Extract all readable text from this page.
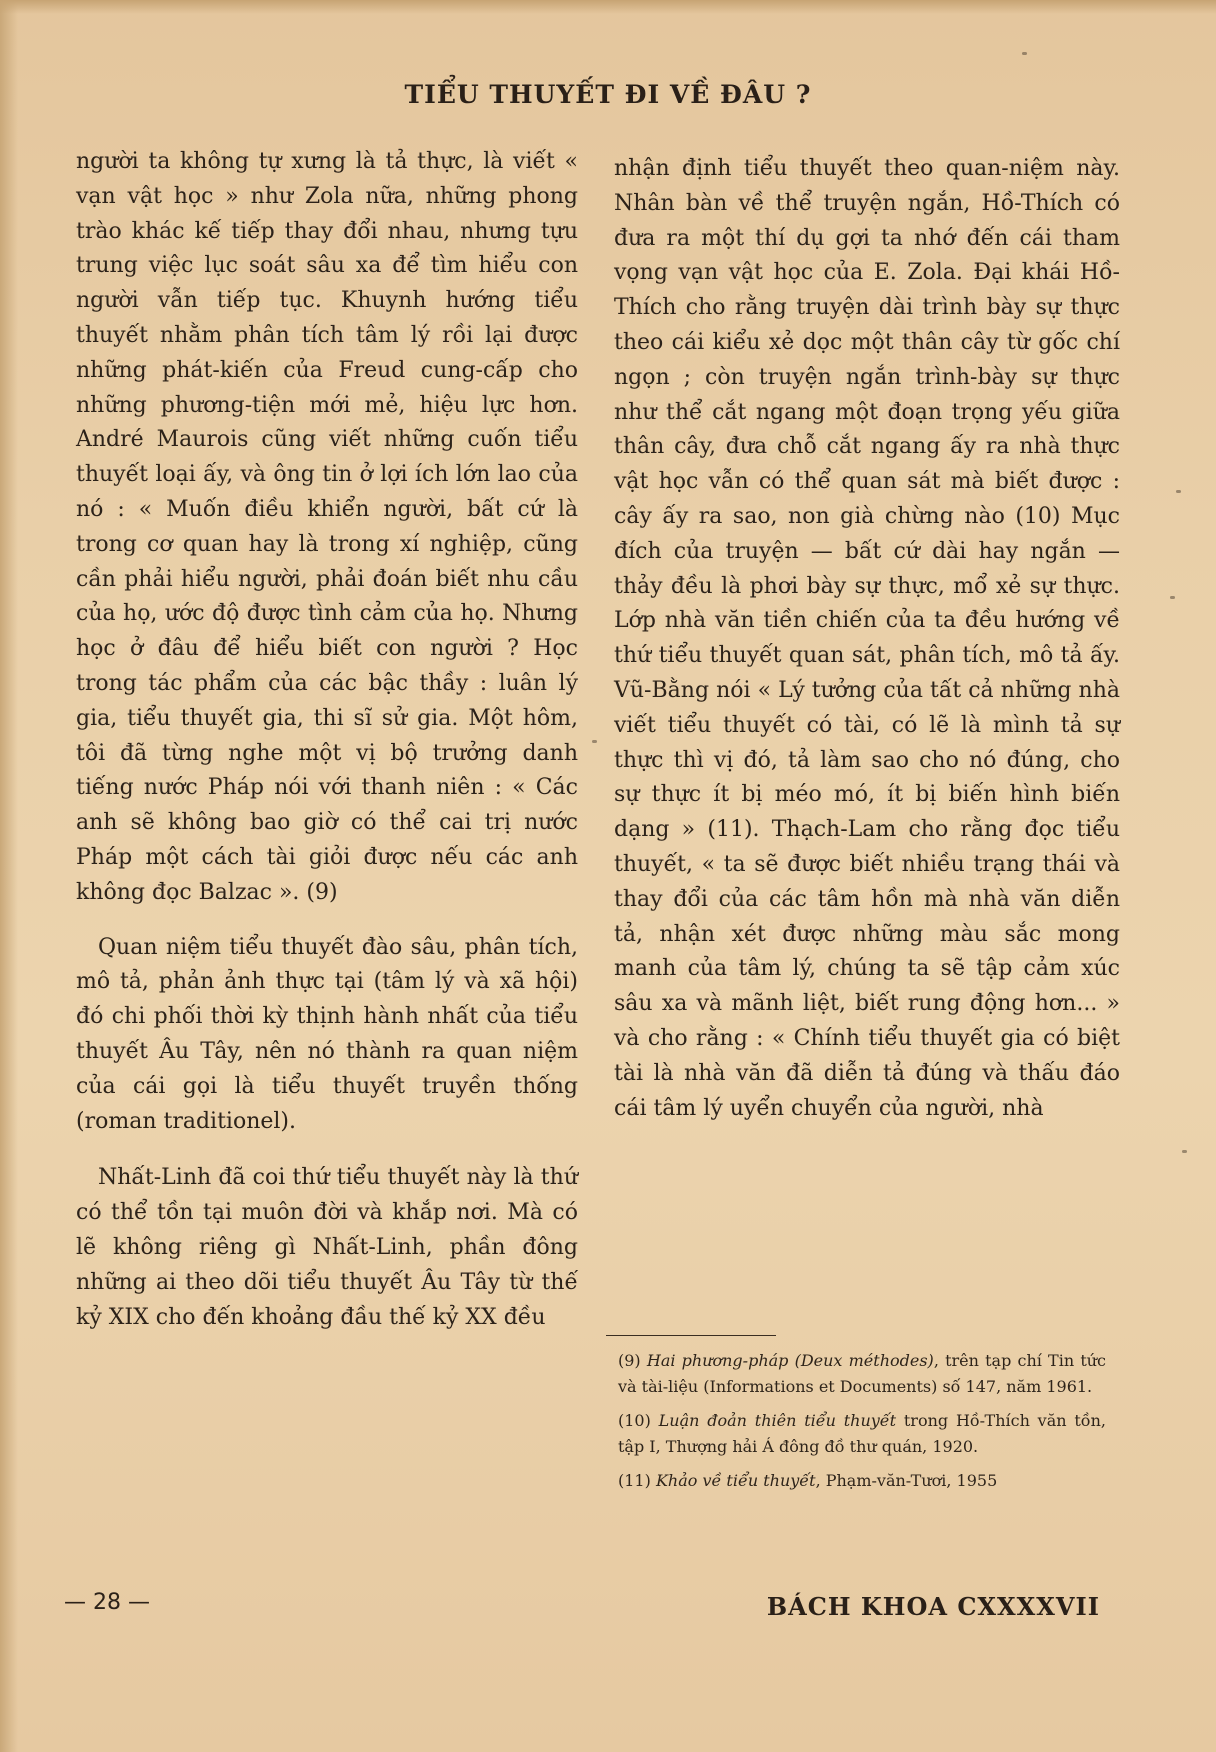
TIỂU THUYẾT ĐI VỀ ĐÂU ?

người ta không tự xưng là tả thực, là viết « vạn vật học » như Zola nữa, những phong trào khác kế tiếp thay đổi nhau, nhưng tựu trung việc lục soát sâu xa để tìm hiểu con người vẫn tiếp tục. Khuynh hướng tiểu thuyết nhằm phân tích tâm lý rồi lại được những phát-kiến của Freud cung-cấp cho những phương-tiện mới mẻ, hiệu lực hơn. André Maurois cũng viết những cuốn tiểu thuyết loại ấy, và ông tin ở lợi ích lớn lao của nó : « Muốn điều khiển người, bất cứ là trong cơ quan hay là trong xí nghiệp, cũng cần phải hiểu người, phải đoán biết nhu cầu của họ, ước độ được tình cảm của họ. Nhưng học ở đâu để hiểu biết con người ? Học trong tác phẩm của các bậc thầy : luân lý gia, tiểu thuyết gia, thi sĩ sử gia. Một hôm, tôi đã từng nghe một vị bộ trưởng danh tiếng nước Pháp nói với thanh niên : « Các anh sẽ không bao giờ có thể cai trị nước Pháp một cách tài giỏi được nếu các anh không đọc Balzac ». (9)

Quan niệm tiểu thuyết đào sâu, phân tích, mô tả, phản ảnh thực tại (tâm lý và xã hội) đó chi phối thời kỳ thịnh hành nhất của tiểu thuyết Âu Tây, nên nó thành ra quan niệm của cái gọi là tiểu thuyết truyền thống (roman traditionel).

Nhất-Linh đã coi thứ tiểu thuyết này là thứ có thể tồn tại muôn đời và khắp nơi. Mà có lẽ không riêng gì Nhất-Linh, phần đông những ai theo dõi tiểu thuyết Âu Tây từ thế kỷ XIX cho đến khoảng đầu thế kỷ XX đều

nhận định tiểu thuyết theo quan-niệm này. Nhân bàn về thể truyện ngắn, Hồ-Thích có đưa ra một thí dụ gợi ta nhớ đến cái tham vọng vạn vật học của E. Zola. Đại khái Hồ-Thích cho rằng truyện dài trình bày sự thực theo cái kiểu xẻ dọc một thân cây từ gốc chí ngọn ; còn truyện ngắn trình-bày sự thực như thể cắt ngang một đoạn trọng yếu giữa thân cây, đưa chỗ cắt ngang ấy ra nhà thực vật học vẫn có thể quan sát mà biết được : cây ấy ra sao, non già chừng nào (10) Mục đích của truyện — bất cứ dài hay ngắn — thảy đều là phơi bày sự thực, mổ xẻ sự thực. Lớp nhà văn tiền chiến của ta đều hướng về thứ tiểu thuyết quan sát, phân tích, mô tả ấy. Vũ-Bằng nói « Lý tưởng của tất cả những nhà viết tiểu thuyết có tài, có lẽ là mình tả sự thực thì vị đó, tả làm sao cho nó đúng, cho sự thực ít bị méo mó, ít bị biến hình biến dạng » (11). Thạch-Lam cho rằng đọc tiểu thuyết, « ta sẽ được biết nhiều trạng thái và thay đổi của các tâm hồn mà nhà văn diễn tả, nhận xét được những màu sắc mong manh của tâm lý, chúng ta sẽ tập cảm xúc sâu xa và mãnh liệt, biết rung động hơn... » và cho rằng : « Chính tiểu thuyết gia có biệt tài là nhà văn đã diễn tả đúng và thấu đáo cái tâm lý uyển chuyển của người, nhà

(9) Hai phương-pháp (Deux méthodes), trên tạp chí Tin tức và tài-liệu (Informations et Documents) số 147, năm 1961.

(10) Luận đoản thiên tiểu thuyết trong Hồ-Thích văn tồn, tập I, Thượng hải Á đông đồ thư quán, 1920.

(11) Khảo về tiểu thuyết, Phạm-văn-Tươi, 1955

— 28 —	BÁCH KHOA CXXXXVII
